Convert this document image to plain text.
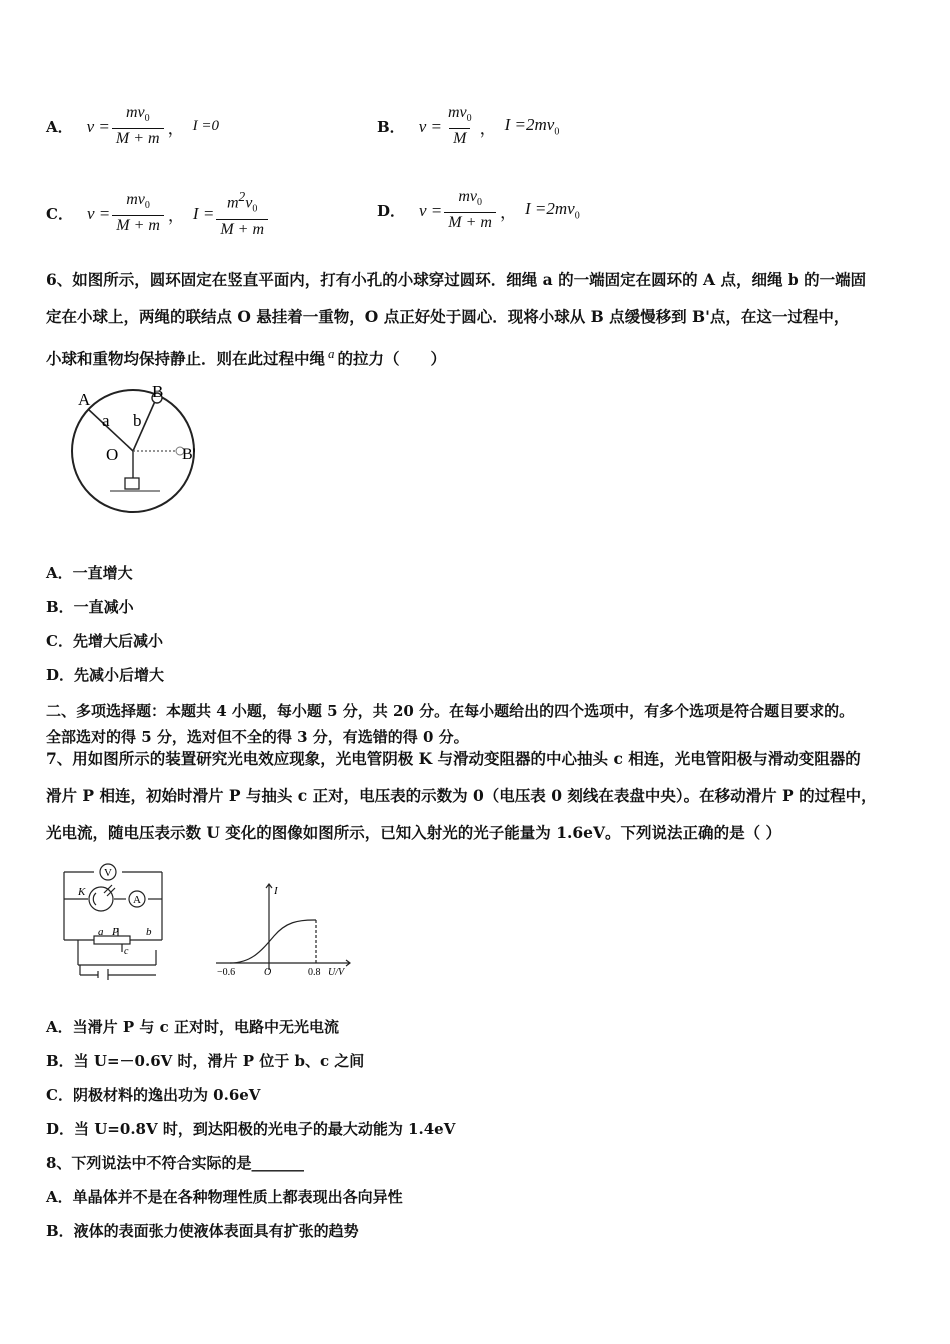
A． $v = \frac{mv_0}{M + m}$ ， I =0	B． $v = \frac{mv_0}{M}$ ， $I =2mv_0$
C． $v = \frac{mv_0}{M + m}$ ， $I = \frac{m^2v_0}{M + m}$	D． $v = \frac{mv_0}{M + m}$ ， $I =2mv_0$
6、如图所示，圆环固定在竖直平面内，打有小孔的小球穿过圆环．细绳 a 的一端固定在圆环的 A 点，细绳 b 的一端固
定在小球上，两绳的联结点 O 悬挂着一重物，O 点正好处于圆心．现将小球从 B 点缓慢移到 B'点，在这一过程中，
小球和重物均保持静止．则在此过程中绳 $^a$ 的拉力（　　）
A	B
a b
O	B'
A．一直增大
B．一直减小
C．先增大后减小
D．先减小后增大
二、多项选择题：本题共 4 小题，每小题 5 分，共 20 分。在每小题给出的四个选项中，有多个选项是符合题目要求的。
全部选对的得 5 分，选对但不全的得 3 分，有选错的得 0 分。
7、用如图所示的装置研究光电效应现象，光电管阴极 K 与滑动变阻器的中心抽头 c 相连，光电管阳极与滑动变阻器的
滑片 P 相连，初始时滑片 P 与抽头 c 正对，电压表的示数为 0（电压表 0 刻线在表盘中央）。在移动滑片 P 的过程中，
光电流，随电压表示数 U 变化的图像如图所示，已知入射光的光子能量为 1.6eV。下列说法正确的是（ ）
V
A
K
a P b
c
I
−0.6	O	0.8 U/V
A．当滑片 P 与 c 正对时，电路中无光电流
B．当 U=－0.6V 时，滑片 P 位于 b、c 之间
C．阴极材料的逸出功为 0.6eV
D．当 U=0.8V 时，到达阳极的光电子的最大动能为 1.4eV
8、下列说法中不符合实际的是_______
A．单晶体并不是在各种物理性质上都表现出各向异性
B．液体的表面张力使液体表面具有扩张的趋势
